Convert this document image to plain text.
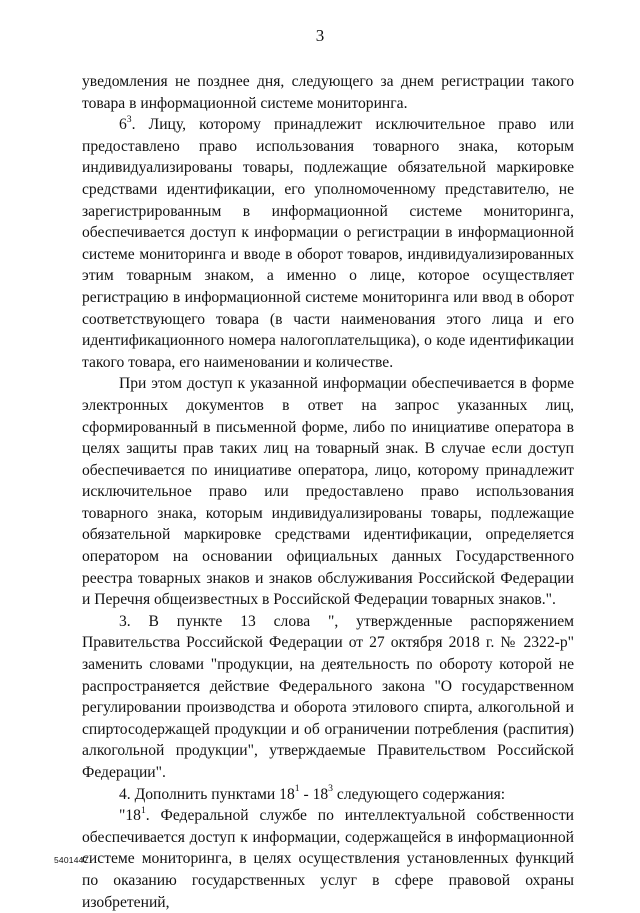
3

уведомления не позднее дня, следующего за днем регистрации такого товара в информационной системе мониторинга.

$6^3$. Лицу, которому принадлежит исключительное право или предоставлено право использования товарного знака, которым индивидуализированы товары, подлежащие обязательной маркировке средствами идентификации, его уполномоченному представителю, не зарегистрированным в информационной системе мониторинга, обеспечивается доступ к информации о регистрации в информационной системе мониторинга и вводе в оборот товаров, индивидуализированных этим товарным знаком, а именно о лице, которое осуществляет регистрацию в информационной системе мониторинга или ввод в оборот соответствующего товара (в части наименования этого лица и его идентификационного номера налогоплательщика), о коде идентификации такого товара, его наименовании и количестве.

При этом доступ к указанной информации обеспечивается в форме электронных документов в ответ на запрос указанных лиц, сформированный в письменной форме, либо по инициативе оператора в целях защиты прав таких лиц на товарный знак. В случае если доступ обеспечивается по инициативе оператора, лицо, которому принадлежит исключительное право или предоставлено право использования товарного знака, которым индивидуализированы товары, подлежащие обязательной маркировке средствами идентификации, определяется оператором на основании официальных данных Государственного реестра товарных знаков и знаков обслуживания Российской Федерации и Перечня общеизвестных в Российской Федерации товарных знаков.".

3. В пункте 13 слова ", утвержденные распоряжением Правительства Российской Федерации от 27 октября 2018 г. № 2322-р" заменить словами "продукции, на деятельность по обороту которой не распространяется действие Федерального закона "О государственном регулировании производства и оборота этилового спирта, алкогольной и спиртосодержащей продукции и об ограничении потребления (распития) алкогольной продукции", утверждаемые Правительством Российской Федерации".

4. Дополнить пунктами $18^1 - 18^3$ следующего содержания:

"$18^1$. Федеральной службе по интеллектуальной собственности обеспечивается доступ к информации, содержащейся в информационной системе мониторинга, в целях осуществления установленных функций по оказанию государственных услуг в сфере правовой охраны изобретений,

5401447
